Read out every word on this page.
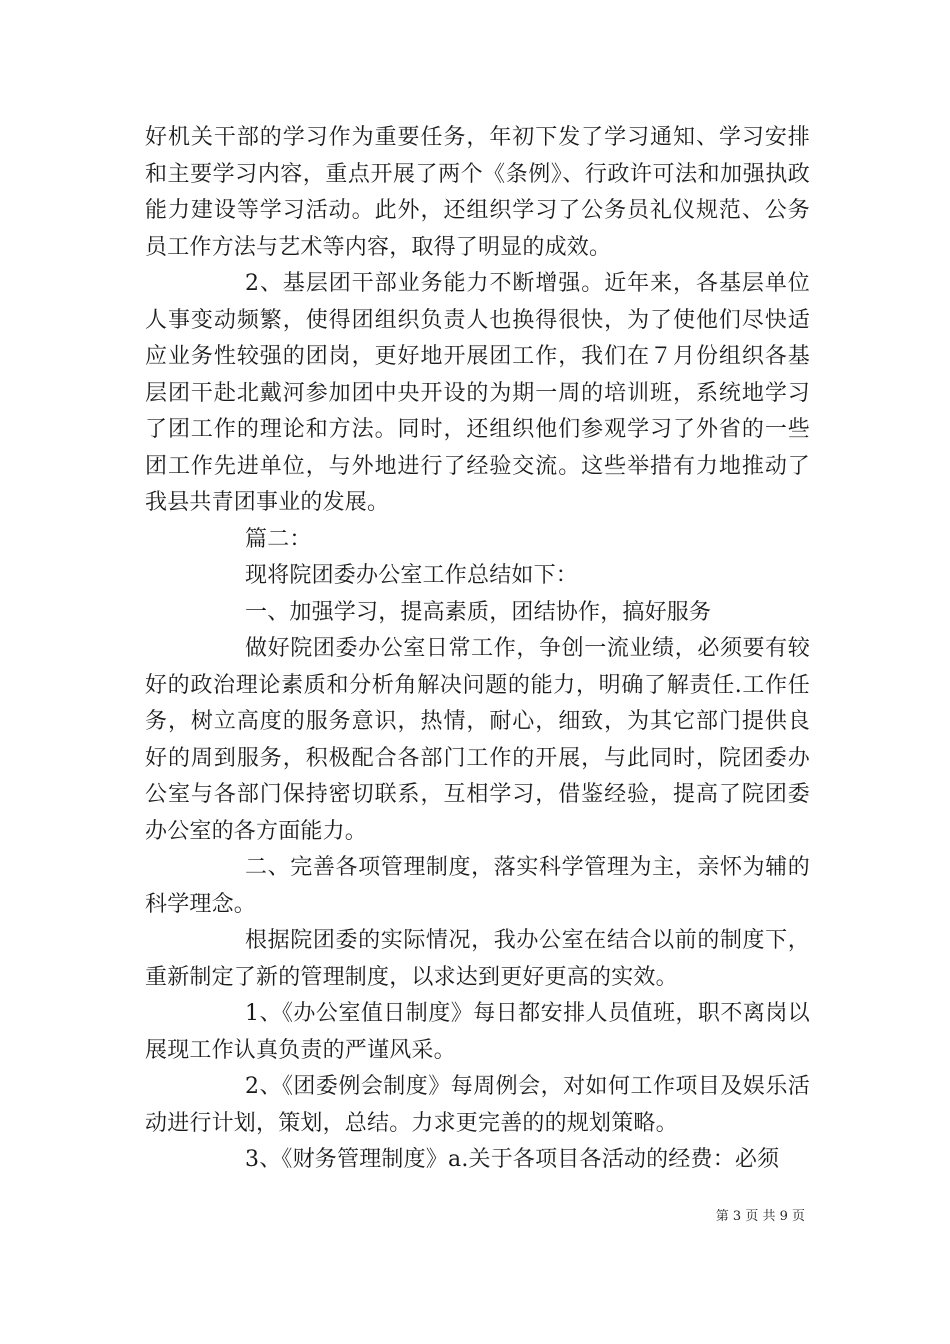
好机关干部的学习作为重要任务，年初下发了学习通知、学习安排和主要学习内容，重点开展了两个《条例》、行政许可法和加强执政能力建设等学习活动。此外，还组织学习了公务员礼仪规范、公务员工作方法与艺术等内容，取得了明显的成效。

2、基层团干部业务能力不断增强。近年来，各基层单位人事变动频繁，使得团组织负责人也换得很快，为了使他们尽快适应业务性较强的团岗，更好地开展团工作，我们在７月份组织各基层团干赴北戴河参加团中央开设的为期一周的培训班，系统地学习了团工作的理论和方法。同时，还组织他们参观学习了外省的一些团工作先进单位，与外地进行了经验交流。这些举措有力地推动了我县共青团事业的发展。

篇二：

现将院团委办公室工作总结如下：

一、加强学习，提高素质，团结协作，搞好服务

做好院团委办公室日常工作，争创一流业绩，必须要有较好的政治理论素质和分析角解决问题的能力，明确了解责任.工作任务，树立高度的服务意识，热情，耐心，细致，为其它部门提供良好的周到服务，积极配合各部门工作的开展，与此同时，院团委办公室与各部门保持密切联系，互相学习，借鉴经验，提高了院团委办公室的各方面能力。

二、完善各项管理制度，落实科学管理为主，亲怀为辅的科学理念。

根据院团委的实际情况，我办公室在结合以前的制度下，重新制定了新的管理制度，以求达到更好更高的实效。

1、《办公室值日制度》每日都安排人员值班，职不离岗以展现工作认真负责的严谨风采。

2、《团委例会制度》每周例会，对如何工作项目及娱乐活动进行计划，策划，总结。力求更完善的的规划策略。

3、《财务管理制度》a.关于各项目各活动的经费：必须

第 3 页 共 9 页
